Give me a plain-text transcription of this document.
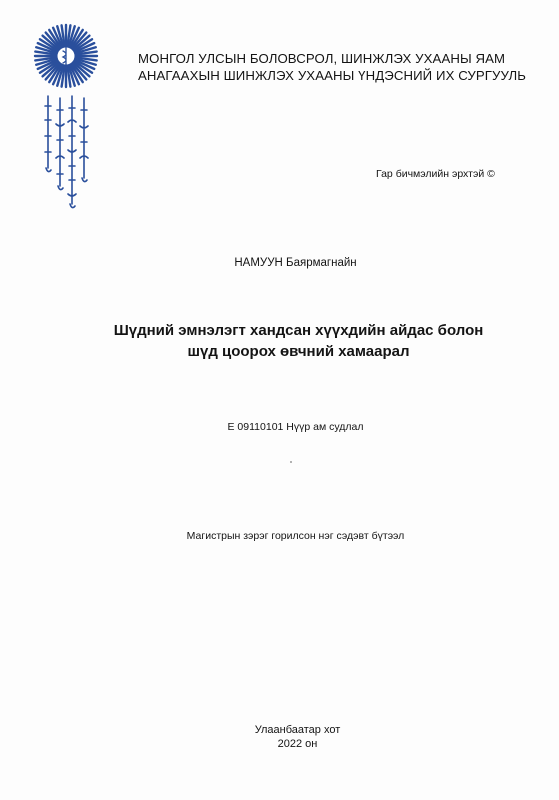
МОНГОЛ УЛСЫН БОЛОВСРОЛ, ШИНЖЛЭХ УХААНЫ ЯАМ
АНАГААХЫН ШИНЖЛЭХ УХААНЫ ҮНДЭСНИЙ ИХ СУРГУУЛЬ
Гар бичмэлийн эрхтэй ©
НАМУУН Баярмагнайн
Шүдний эмнэлэгт хандсан хүүхдийн айдас болон
шүд цоорох өвчний хамаарал
E 09110101 Нүүр ам судлал
Магистрын зэрэг горилсон нэг сэдэвт бүтээл
Улаанбаатар хот
2022 он
